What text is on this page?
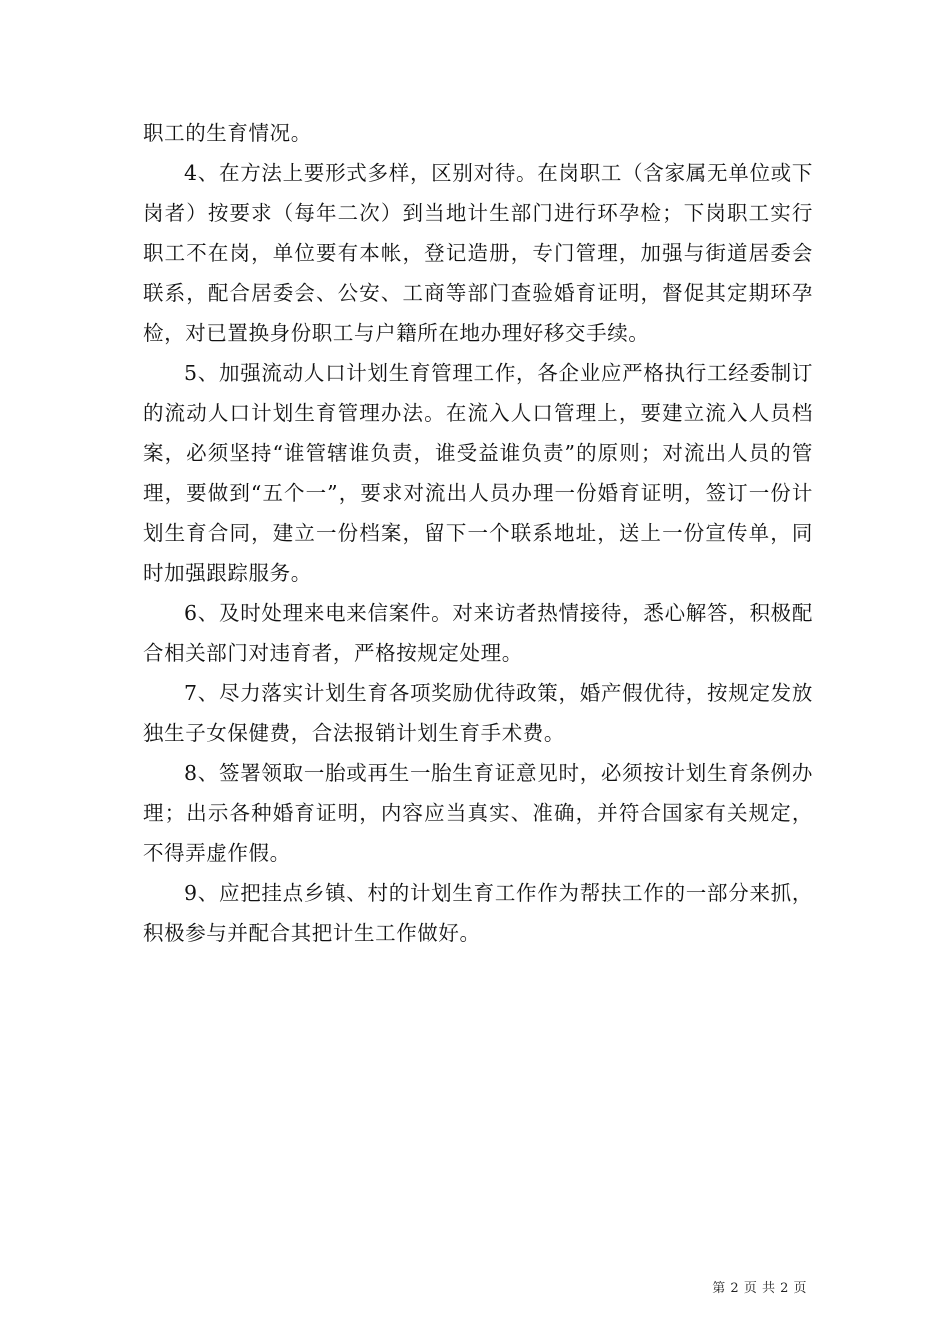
职工的生育情况。

4、在方法上要形式多样，区别对待。在岗职工（含家属无单位或下岗者）按要求（每年二次）到当地计生部门进行环孕检；下岗职工实行职工不在岗，单位要有本帐，登记造册，专门管理，加强与街道居委会联系，配合居委会、公安、工商等部门查验婚育证明，督促其定期环孕检，对已置换身份职工与户籍所在地办理好移交手续。

5、加强流动人口计划生育管理工作，各企业应严格执行工经委制订的流动人口计划生育管理办法。在流入人口管理上，要建立流入人员档案，必须坚持“谁管辖谁负责，谁受益谁负责”的原则；对流出人员的管理，要做到“五个一”，要求对流出人员办理一份婚育证明，签订一份计划生育合同，建立一份档案，留下一个联系地址，送上一份宣传单，同时加强跟踪服务。

6、及时处理来电来信案件。对来访者热情接待，悉心解答，积极配合相关部门对违育者，严格按规定处理。

7、尽力落实计划生育各项奖励优待政策，婚产假优待，按规定发放独生子女保健费，合法报销计划生育手术费。

8、签署领取一胎或再生一胎生育证意见时，必须按计划生育条例办理；出示各种婚育证明，内容应当真实、准确，并符合国家有关规定，不得弄虚作假。

9、应把挂点乡镇、村的计划生育工作作为帮扶工作的一部分来抓，积极参与并配合其把计生工作做好。

第 2 页 共 2 页
